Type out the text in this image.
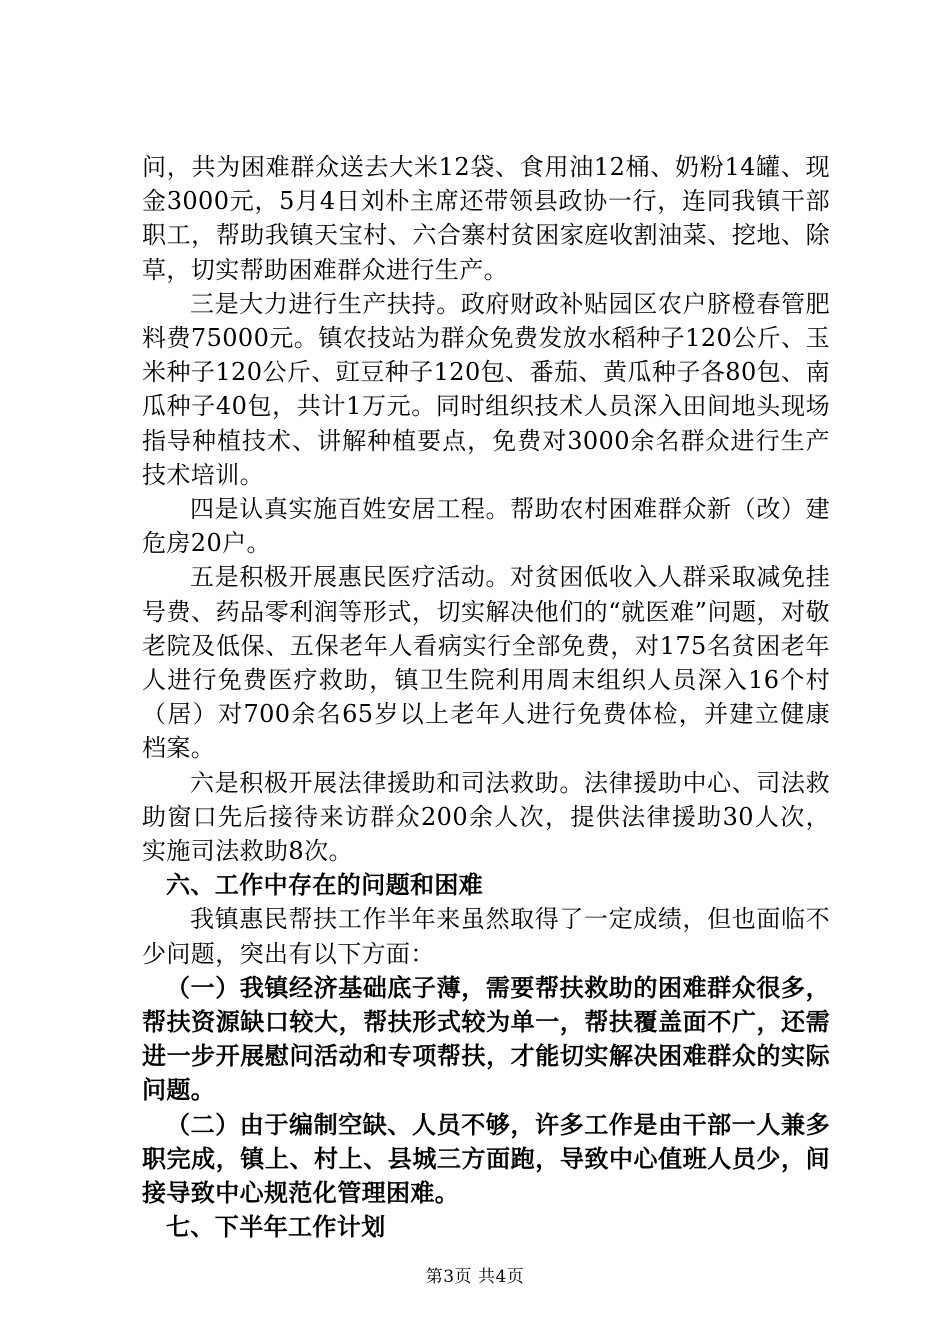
问，共为困难群众送去大米12袋、食用油12桶、奶粉14罐、现金3000元，5月4日刘朴主席还带领县政协一行，连同我镇干部职工，帮助我镇天宝村、六合寨村贫困家庭收割油菜、挖地、除草，切实帮助困难群众进行生产。

三是大力进行生产扶持。政府财政补贴园区农户脐橙春管肥料费75000元。镇农技站为群众免费发放水稻种子120公斤、玉米种子120公斤、豇豆种子120包、番茄、黄瓜种子各80包、南瓜种子40包，共计1万元。同时组织技术人员深入田间地头现场指导种植技术、讲解种植要点，免费对3000余名群众进行生产技术培训。

四是认真实施百姓安居工程。帮助农村困难群众新（改）建危房20户。

五是积极开展惠民医疗活动。对贫困低收入人群采取减免挂号费、药品零利润等形式，切实解决他们的“就医难”问题，对敬老院及低保、五保老年人看病实行全部免费，对175名贫困老年人进行免费医疗救助，镇卫生院利用周末组织人员深入16个村（居）对700余名65岁以上老年人进行免费体检，并建立健康档案。

六是积极开展法律援助和司法救助。法律援助中心、司法救助窗口先后接待来访群众200余人次，提供法律援助30人次，实施司法救助8次。

六、工作中存在的问题和困难

我镇惠民帮扶工作半年来虽然取得了一定成绩，但也面临不少问题，突出有以下方面：

（一）我镇经济基础底子薄，需要帮扶救助的困难群众很多，帮扶资源缺口较大，帮扶形式较为单一，帮扶覆盖面不广，还需进一步开展慰问活动和专项帮扶，才能切实解决困难群众的实际问题。

（二）由于编制空缺、人员不够，许多工作是由干部一人兼多职完成，镇上、村上、县城三方面跑，导致中心值班人员少，间接导致中心规范化管理困难。

七、下半年工作计划

第3页 共4页
